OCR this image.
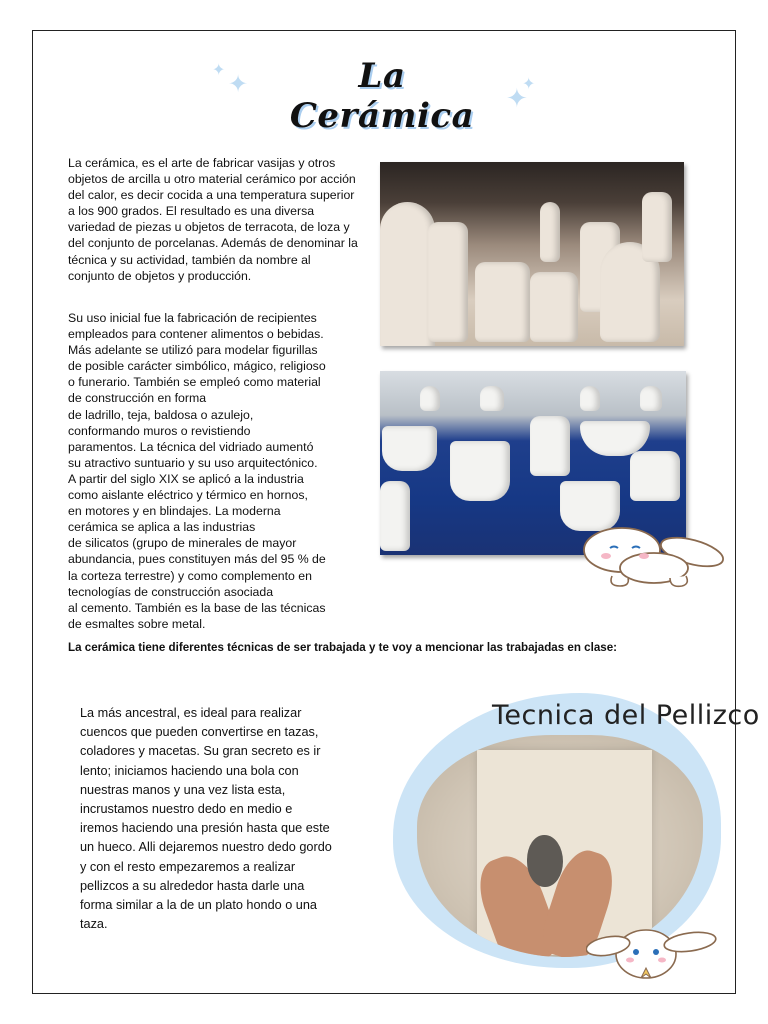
✦
✦	La Cerámica
✦
✦

La cerámica, es el arte de fabricar vasijas y otros objetos de arcilla u otro material cerámico por acción del calor, es decir cocida a una temperatura superior a los 900 grados. El resultado es una diversa variedad de piezas u objetos de terracota, de loza y del conjunto de porcelanas. Además de denominar la técnica y su actividad, también da nombre al conjunto de objetos y producción.

Su uso inicial fue la fabricación de recipientes
empleados para contener alimentos o bebidas.
Más adelante se utilizó para modelar figurillas
de posible carácter simbólico, mágico, religioso
o funerario. También se empleó como material
de construcción en forma
de ladrillo, teja, baldosa o azulejo,
conformando muros o revistiendo
paramentos. La técnica del vidriado aumentó
su atractivo suntuario y su uso arquitectónico.
A partir del siglo XIX se aplicó a la industria
como aislante eléctrico y térmico en hornos,
en motores y en blindajes. La moderna
cerámica se aplica a las industrias
de silicatos (grupo de minerales de mayor
abundancia, pues constituyen más del 95 % de
la corteza terrestre) y como complemento en
tecnologías de construcción asociada
al cemento. También es la base de las técnicas
de esmaltes sobre metal.

La cerámica tiene diferentes técnicas de ser trabajada y te voy a mencionar las trabajadas en clase:
Tecnica del Pellizco

La más ancestral, es ideal para realizar
cuencos que pueden convertirse en tazas,
coladores y macetas. Su gran secreto es ir
lento; iniciamos haciendo una bola con
nuestras manos y una vez lista esta,
incrustamos nuestro dedo en medio e
iremos haciendo una presión hasta que este
un hueco. Alli dejaremos nuestro dedo gordo
y con el resto empezaremos a realizar
pellizcos a su alrededor hasta darle una
forma similar a la de un plato hondo o una
taza.
